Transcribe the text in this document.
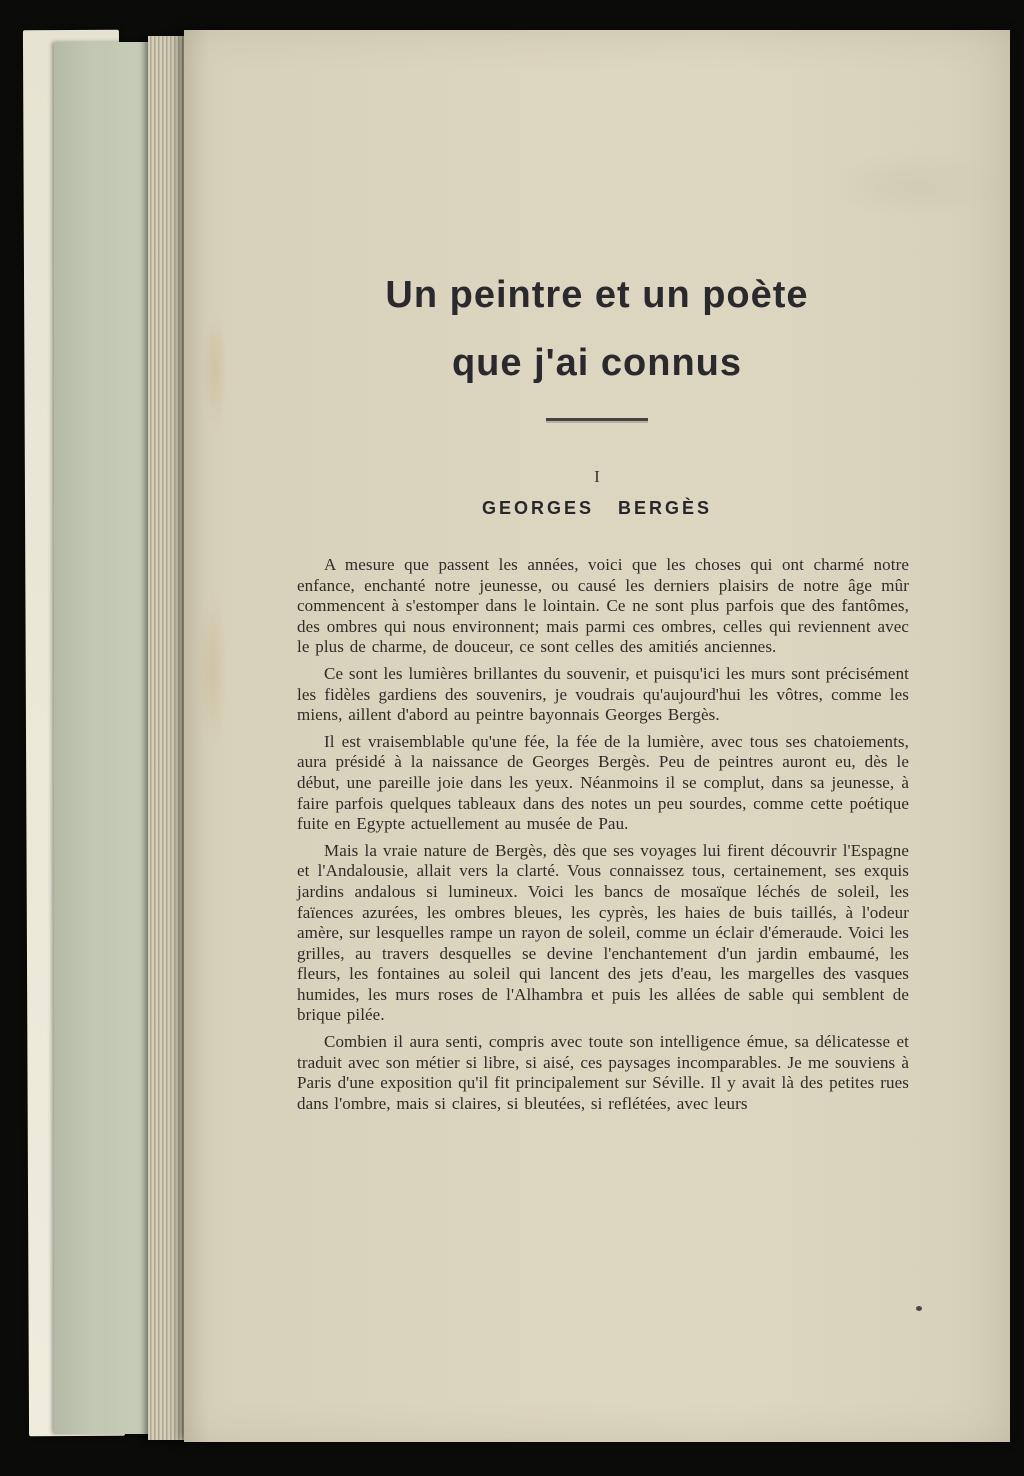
Un peintre et un poète
que j'ai connus
I
GEORGES BERGÈS

A mesure que passent les années, voici que les choses qui ont charmé notre enfance, enchanté notre jeunesse, ou causé les derniers plaisirs de notre âge mûr commencent à s'estomper dans le lointain. Ce ne sont plus parfois que des fantômes, des ombres qui nous environnent; mais parmi ces ombres, celles qui reviennent avec le plus de charme, de douceur, ce sont celles des amitiés anciennes.

Ce sont les lumières brillantes du souvenir, et puisqu'ici les murs sont précisément les fidèles gardiens des souvenirs, je voudrais qu'aujourd'hui les vôtres, comme les miens, aillent d'abord au peintre bayonnais Georges Bergès.

Il est vraisemblable qu'une fée, la fée de la lumière, avec tous ses chatoiements, aura présidé à la naissance de Georges Bergès. Peu de peintres auront eu, dès le début, une pareille joie dans les yeux. Néanmoins il se complut, dans sa jeunesse, à faire parfois quelques tableaux dans des notes un peu sourdes, comme cette poétique fuite en Egypte actuellement au musée de Pau.

Mais la vraie nature de Bergès, dès que ses voyages lui firent découvrir l'Espagne et l'Andalousie, allait vers la clarté. Vous connaissez tous, certainement, ses exquis jardins andalous si lumineux. Voici les bancs de mosaïque léchés de soleil, les faïences azurées, les ombres bleues, les cyprès, les haies de buis taillés, à l'odeur amère, sur lesquelles rampe un rayon de soleil, comme un éclair d'émeraude. Voici les grilles, au travers desquelles se devine l'enchantement d'un jardin embaumé, les fleurs, les fontaines au soleil qui lancent des jets d'eau, les margelles des vasques humides, les murs roses de l'Alhambra et puis les allées de sable qui semblent de brique pilée.

Combien il aura senti, compris avec toute son intelligence émue, sa délicatesse et traduit avec son métier si libre, si aisé, ces paysages incomparables. Je me souviens à Paris d'une exposition qu'il fit principalement sur Séville. Il y avait là des petites rues dans l'ombre, mais si claires, si bleutées, si reflétées, avec leurs
